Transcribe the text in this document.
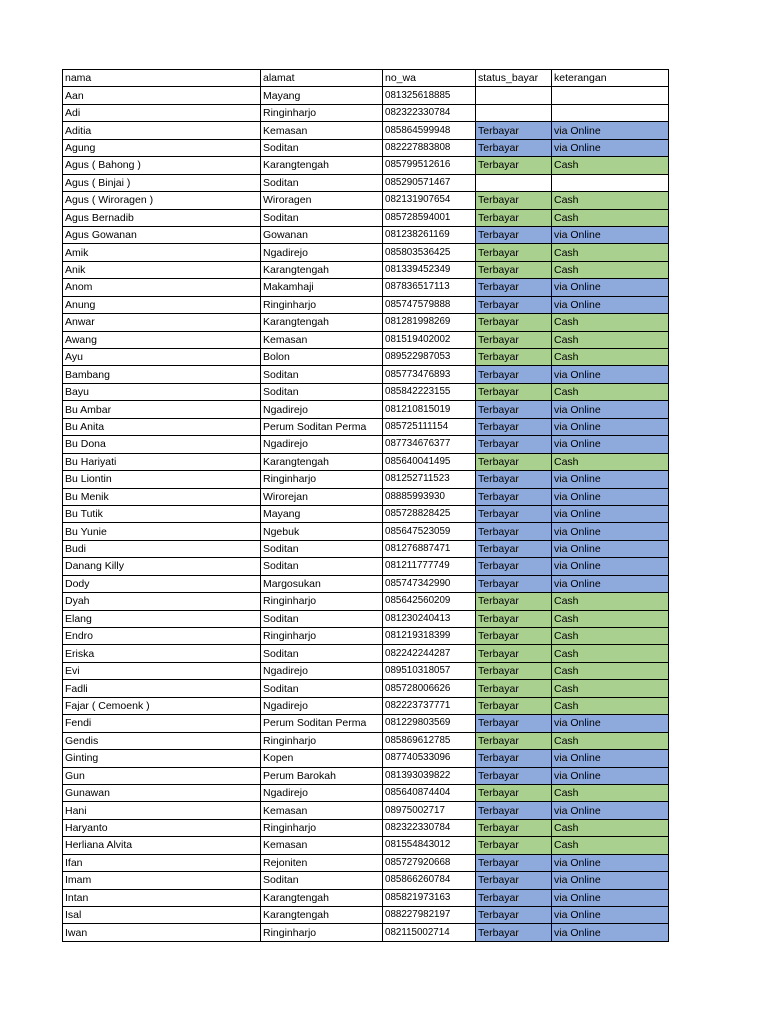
nama	alamat	no_wa	status_bayar	keterangan
Aan	Mayang	081325618885		
Adi	Ringinharjo	082322330784		
Aditia	Kemasan	085864599948	Terbayar	via Online
Agung	Soditan	082227883808	Terbayar	via Online
Agus ( Bahong )	Karangtengah	085799512616	Terbayar	Cash
Agus ( Binjai )	Soditan	085290571467		
Agus ( Wiroragen )	Wiroragen	082131907654	Terbayar	Cash
Agus Bernadib	Soditan	085728594001	Terbayar	Cash
Agus Gowanan	Gowanan	081238261169	Terbayar	via Online
Amik	Ngadirejo	085803536425	Terbayar	Cash
Anik	Karangtengah	081339452349	Terbayar	Cash
Anom	Makamhaji	087836517113	Terbayar	via Online
Anung	Ringinharjo	085747579888	Terbayar	via Online
Anwar	Karangtengah	081281998269	Terbayar	Cash
Awang	Kemasan	081519402002	Terbayar	Cash
Ayu	Bolon	089522987053	Terbayar	Cash
Bambang	Soditan	085773476893	Terbayar	via Online
Bayu	Soditan	085842223155	Terbayar	Cash
Bu Ambar	Ngadirejo	081210815019	Terbayar	via Online
Bu Anita	Perum Soditan Perma	085725111154	Terbayar	via Online
Bu Dona	Ngadirejo	087734676377	Terbayar	via Online
Bu Hariyati	Karangtengah	085640041495	Terbayar	Cash
Bu Liontin	Ringinharjo	081252711523	Terbayar	via Online
Bu Menik	Wirorejan	08885993930	Terbayar	via Online
Bu Tutik	Mayang	085728828425	Terbayar	via Online
Bu Yunie	Ngebuk	085647523059	Terbayar	via Online
Budi	Soditan	081276887471	Terbayar	via Online
Danang Killy	Soditan	081211777749	Terbayar	via Online
Dody	Margosukan	085747342990	Terbayar	via Online
Dyah	Ringinharjo	085642560209	Terbayar	Cash
Elang	Soditan	081230240413	Terbayar	Cash
Endro	Ringinharjo	081219318399	Terbayar	Cash
Eriska	Soditan	082242244287	Terbayar	Cash
Evi	Ngadirejo	089510318057	Terbayar	Cash
Fadli	Soditan	085728006626	Terbayar	Cash
Fajar ( Cemoenk )	Ngadirejo	082223737771	Terbayar	Cash
Fendi	Perum Soditan Perma	081229803569	Terbayar	via Online
Gendis	Ringinharjo	085869612785	Terbayar	Cash
Ginting	Kopen	087740533096	Terbayar	via Online
Gun	Perum Barokah	081393039822	Terbayar	via Online
Gunawan	Ngadirejo	085640874404	Terbayar	Cash
Hani	Kemasan	08975002717	Terbayar	via Online
Haryanto	Ringinharjo	082322330784	Terbayar	Cash
Herliana Alvita	Kemasan	081554843012	Terbayar	Cash
Ifan	Rejoniten	085727920668	Terbayar	via Online
Imam	Soditan	085866260784	Terbayar	via Online
Intan	Karangtengah	085821973163	Terbayar	via Online
Isal	Karangtengah	088227982197	Terbayar	via Online
Iwan	Ringinharjo	082115002714	Terbayar	via Online
